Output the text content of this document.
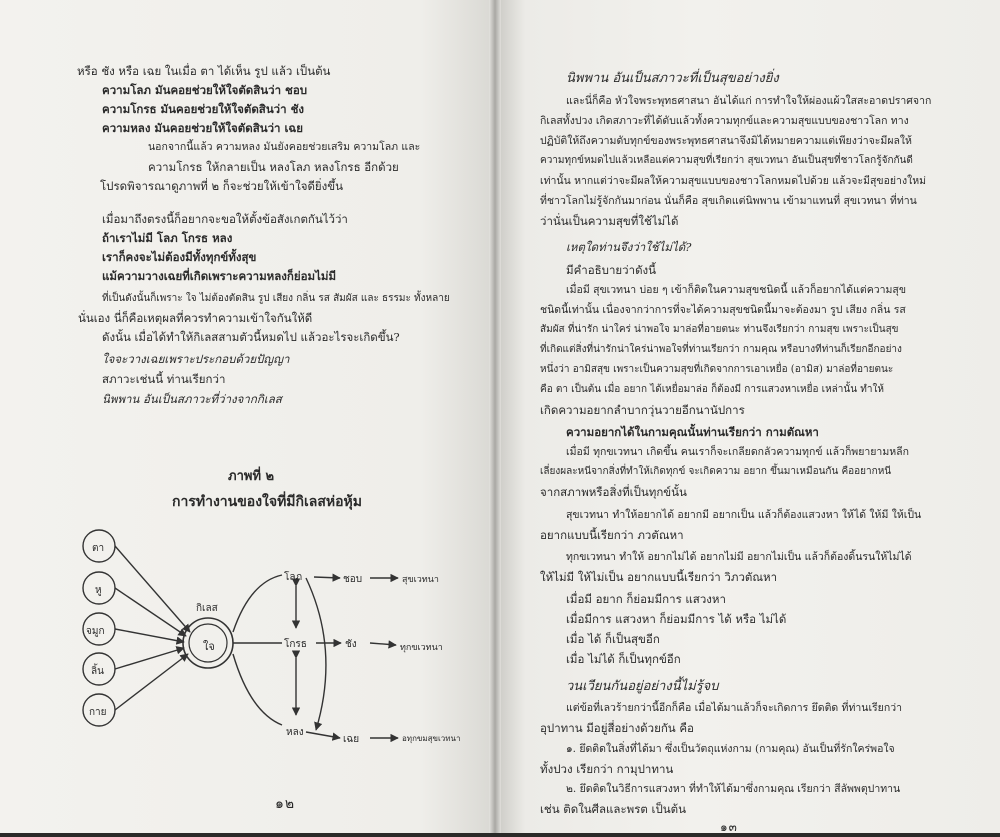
หรือ ชัง หรือ เฉย ในเมื่อ ตา ได้เห็น รูป แล้ว เป็นต้น
ความโลภ มันคอยช่วยให้ใจตัดสินว่า ชอบ
ความโกรธ มันคอยช่วยให้ใจตัดสินว่า ชัง
ความหลง มันคอยช่วยให้ใจตัดสินว่า เฉย
นอกจากนี้แล้ว ความหลง มันยังคอยช่วยเสริม ความโลภ และ
ความโกรธ ให้กลายเป็น หลงโลภ หลงโกรธ อีกด้วย
โปรดพิจารณาดูภาพที่ ๒ ก็จะช่วยให้เข้าใจดียิ่งขึ้น
เมื่อมาถึงตรงนี้ก็อยากจะขอให้ตั้งข้อสังเกตกันไว้ว่า
ถ้าเราไม่มี โลภ โกรธ หลง
เราก็คงจะไม่ต้องมีทั้งทุกข์ทั้งสุข
แม้ความวางเฉยที่เกิดเพราะความหลงก็ย่อมไม่มี
ที่เป็นดังนั้นก็เพราะ ใจ ไม่ต้องตัดสิน รูป เสียง กลิ่น รส สัมผัส และ ธรรมะ ทั้งหลาย
นั่นเอง นี่ก็คือเหตุผลที่ควรทำความเข้าใจกันให้ดี
ดังนั้น เมื่อได้ทำให้กิเลสสามตัวนี้หมดไป แล้วอะไรจะเกิดขึ้น?
ใจจะวางเฉยเพราะประกอบด้วยปัญญา
สภาวะเช่นนี้ ท่านเรียกว่า
นิพพาน อันเป็นสภาวะที่ว่างจากกิเลส
ภาพที่ ๒
การทำงานของใจที่มีกิเลสห่อหุ้ม
ตา
หู
จมูก
ลิ้น
กาย
กิเลส
ใจ
โลภ
โกรธ
หลง
ชอบ
ชัง
เฉย
สุขเวทนา
ทุกขเวทนา
อทุกขมสุขเวทนา
๑๒
นิพพาน อันเป็นสภาวะที่เป็นสุขอย่างยิ่ง
และนี่ก็คือ หัวใจพระพุทธศาสนา อันได้แก่ การทำใจให้ผ่องแผ้วใสสะอาดปราศจาก
กิเลสทั้งปวง เกิดสภาวะที่ได้ดับแล้วทั้งความทุกข์และความสุขแบบของชาวโลก ทาง
ปฏิบัติให้ถึงความดับทุกข์ของพระพุทธศาสนาจึงมิได้หมายความแต่เพียงว่าจะมีผลให้
ความทุกข์หมดไปแล้วเหลือแต่ความสุขที่เรียกว่า สุขเวทนา อันเป็นสุขที่ชาวโลกรู้จักกันดี
เท่านั้น หากแต่ว่าจะมีผลให้ความสุขแบบของชาวโลกหมดไปด้วย แล้วจะมีสุขอย่างใหม่
ที่ชาวโลกไม่รู้จักกันมาก่อน นั่นก็คือ สุขเกิดแต่นิพพาน เข้ามาแทนที่ สุขเวทนา ที่ท่าน
ว่านั่นเป็นความสุขที่ใช้ไม่ได้
เหตุใดท่านจึงว่าใช้ไม่ได้?
มีคำอธิบายว่าดังนี้
เมื่อมี สุขเวทนา บ่อย ๆ เข้าก็ติดในความสุขชนิดนี้ แล้วก็อยากได้แต่ความสุข
ชนิดนี้เท่านั้น เนื่องจากว่าการที่จะได้ความสุขชนิดนี้มาจะต้องมา รูป เสียง กลิ่น รส
สัมผัส ที่น่ารัก น่าใคร่ น่าพอใจ มาล่อที่อายตนะ ท่านจึงเรียกว่า กามสุข เพราะเป็นสุข
ที่เกิดแต่สิ่งที่น่ารักน่าใคร่น่าพอใจที่ท่านเรียกว่า กามคุณ หรือบางทีท่านก็เรียกอีกอย่าง
หนึ่งว่า อามิสสุข เพราะเป็นความสุขที่เกิดจากการเอาเหยื่อ (อามิส) มาล่อที่อายตนะ
คือ ตา เป็นต้น เมื่อ อยาก ได้เหยื่อมาล่อ ก็ต้องมี การแสวงหาเหยื่อ เหล่านั้น ทำให้
เกิดความอยากลำบากวุ่นวายอีกนานัปการ
ความอยากได้ในกามคุณนั้นท่านเรียกว่า กามตัณหา
เมื่อมี ทุกขเวทนา เกิดขึ้น คนเราก็จะเกลียดกลัวความทุกข์ แล้วก็พยายามหลีก
เลี่ยงผละหนีจากสิ่งที่ทำให้เกิดทุกข์ จะเกิดความ อยาก ขึ้นมาเหมือนกัน คืออยากหนี
จากสภาพหรือสิ่งที่เป็นทุกข์นั้น
สุขเวทนา ทำให้อยากได้ อยากมี อยากเป็น แล้วก็ต้องแสวงหา ให้ได้ ให้มี ให้เป็น
อยากแบบนี้เรียกว่า ภวตัณหา
ทุกขเวทนา ทำให้ อยากไม่ได้ อยากไม่มี อยากไม่เป็น แล้วก็ต้องดิ้นรนให้ไม่ได้
ให้ไม่มี ให้ไม่เป็น อยากแบบนี้เรียกว่า วิภวตัณหา
เมื่อมี อยาก ก็ย่อมมีการ แสวงหา
เมื่อมีการ แสวงหา ก็ย่อมมีการ ได้ หรือ ไม่ได้
เมื่อ ได้ ก็เป็นสุขอีก
เมื่อ ไม่ได้ ก็เป็นทุกข์อีก
วนเวียนกันอยู่อย่างนี้ไม่รู้จบ
แต่ข้อที่เลวร้ายกว่านี้อีกก็คือ เมื่อได้มาแล้วก็จะเกิดการ ยึดติด ที่ท่านเรียกว่า
อุปาทาน มีอยู่สี่อย่างด้วยกัน คือ
๑. ยึดติดในสิ่งที่ได้มา ซึ่งเป็นวัตถุแห่งกาม (กามคุณ) อันเป็นที่รักใคร่พอใจ
ทั้งปวง เรียกว่า กามุปาทาน
๒. ยึดติดในวิธีการแสวงหา ที่ทำให้ได้มาซึ่งกามคุณ เรียกว่า สีลัพพตุปาทาน
เช่น ติดในศีลและพรต เป็นต้น
๑๓
